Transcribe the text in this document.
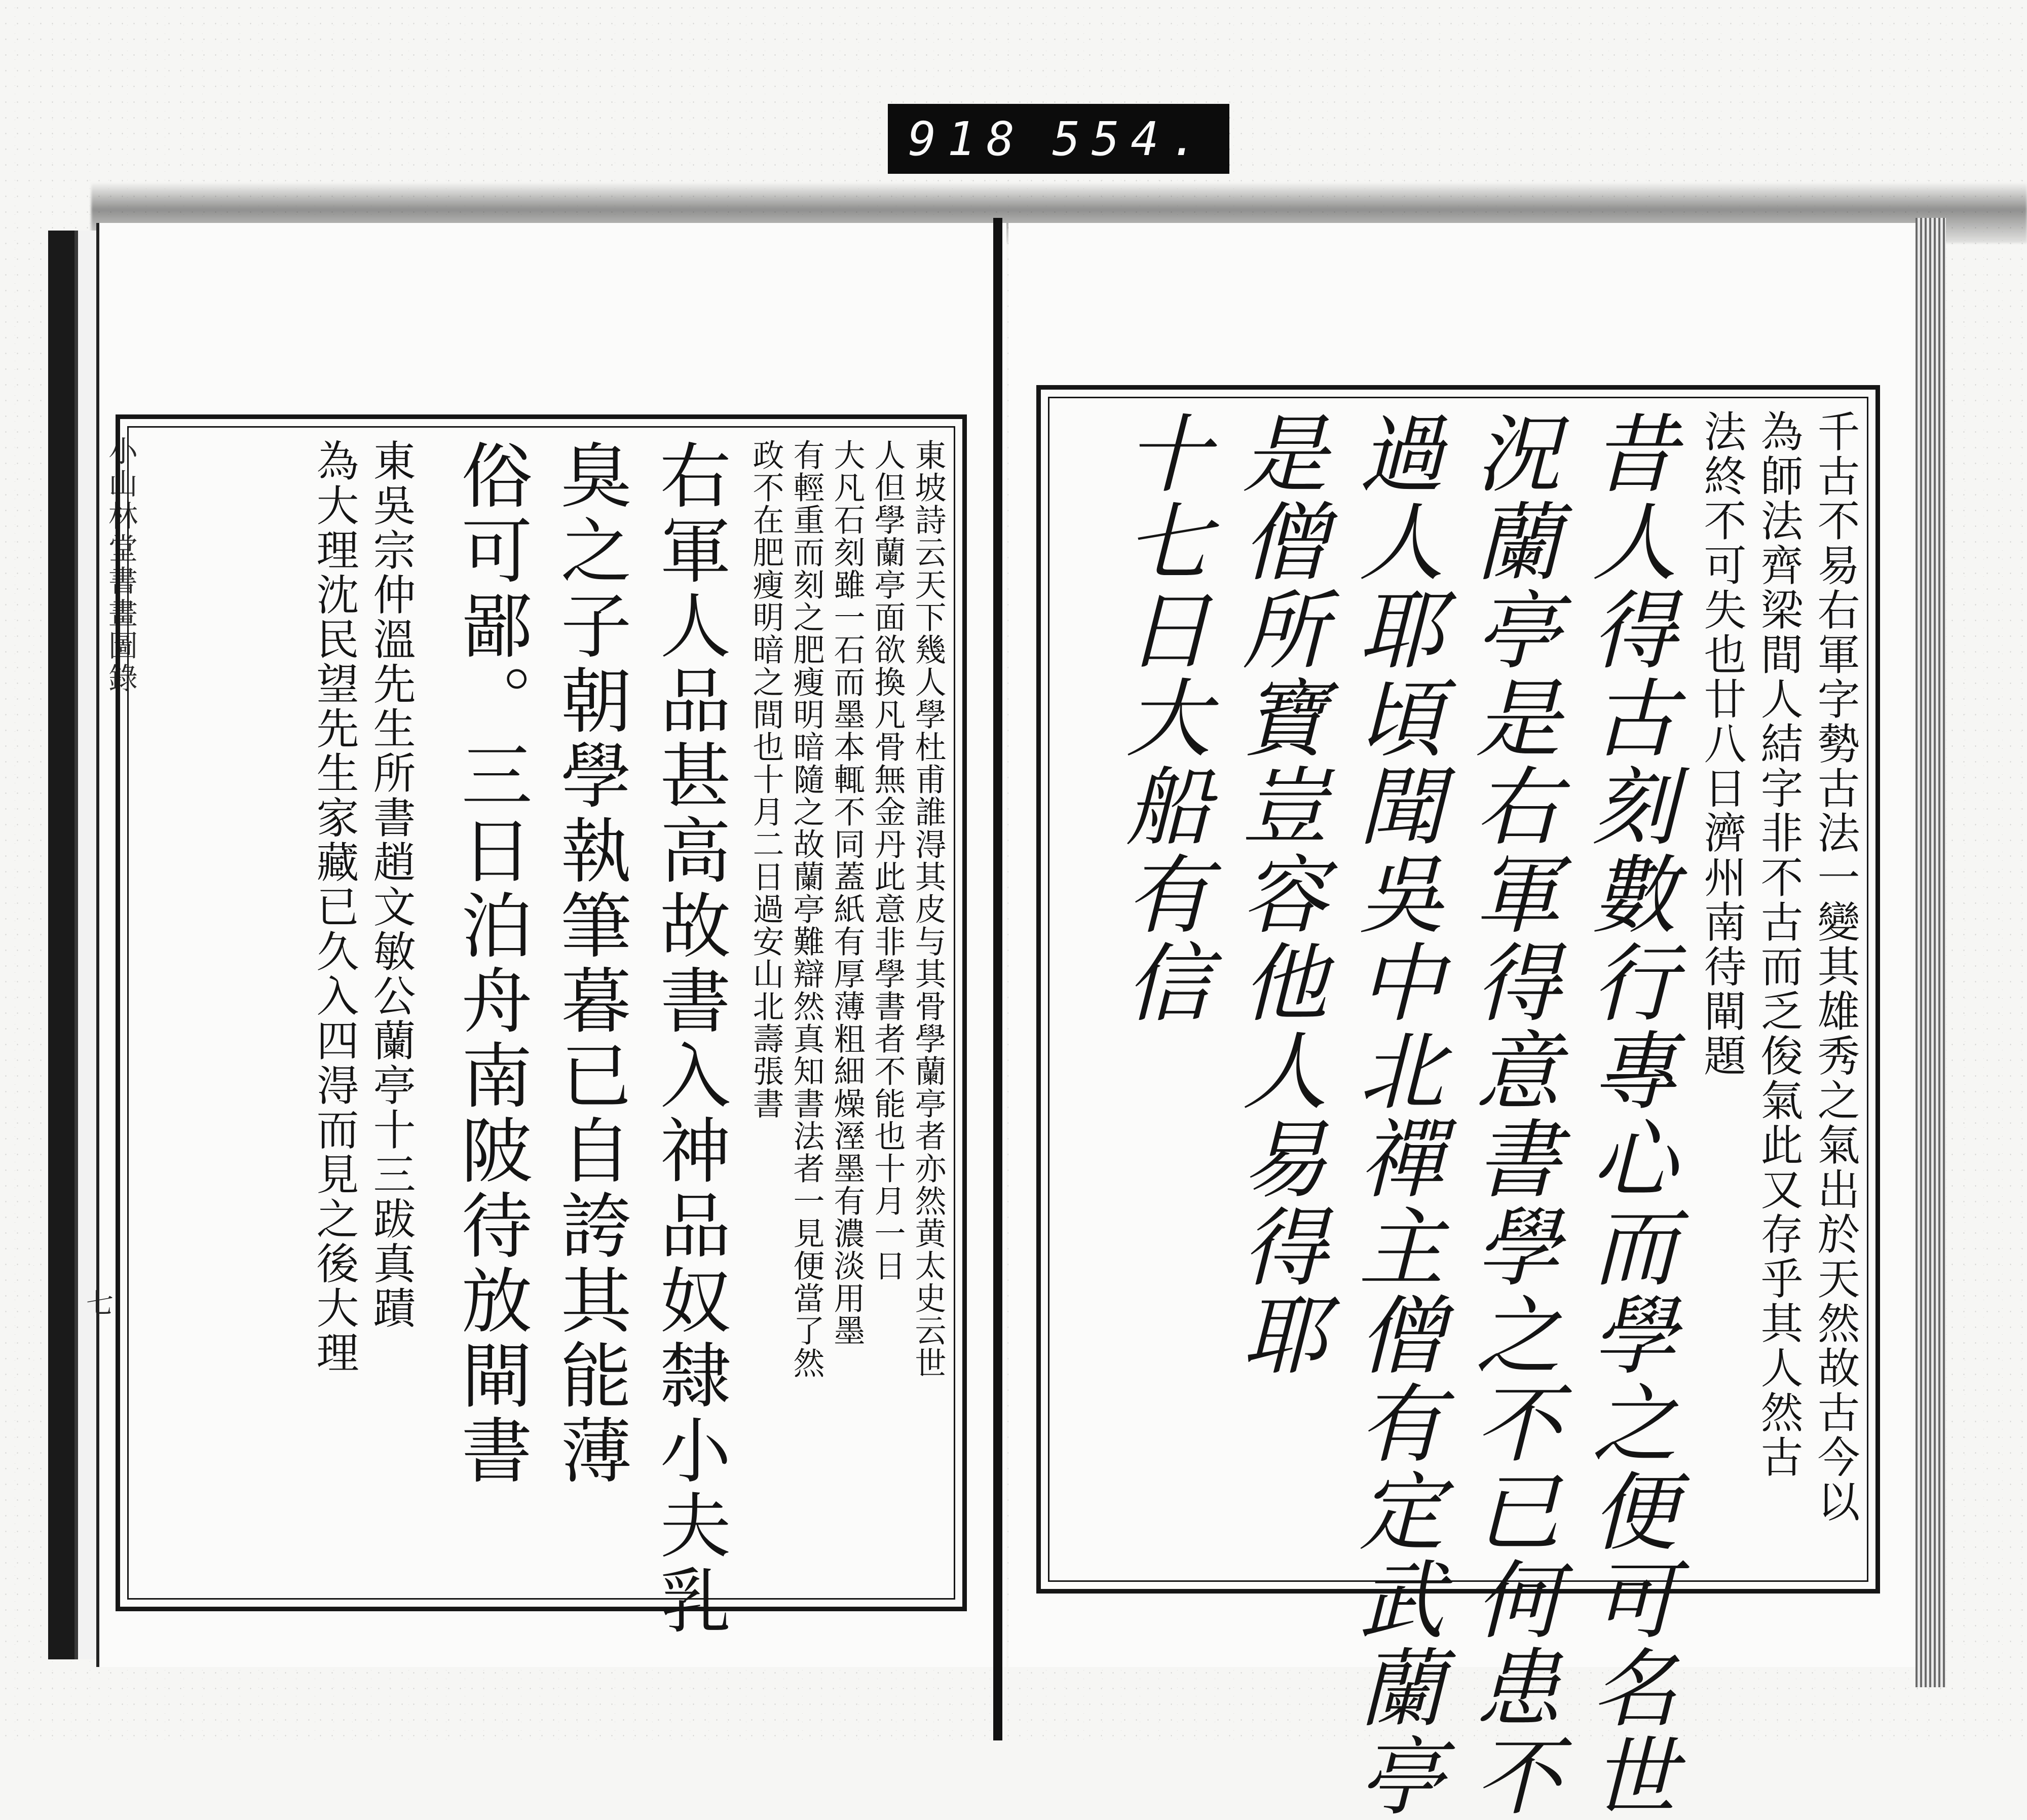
918 554.
小山林堂書畫圖錄
七	東坡詩云天下幾人學杜甫誰淂其皮与其骨學蘭亭者亦然黄太史云世
人但學蘭亭面欲換凡骨無金丹此意非學書者不能也十月一日
大凡石刻雖一石而墨本輒不同蓋紙有厚薄粗細燥溼墨有濃淡用墨
有輕重而刻之肥瘦明暗隨之故蘭亭難辯然真知書法者一見便當了然
政不在肥瘦明暗之間也十月二日過安山北壽張書
右軍人品甚高故書入神品奴隸小夫乳
臭之子朝學執筆暮已自誇其能薄
俗可鄙。三日泊舟南陂待放閘書
東吳宗仲溫先生所書趙文敏公蘭亭十三跋真蹟
為大理沈民望先生家藏已久入四淂而見之後大理	千古不易右軍字勢古法一變其雄秀之氣出於天然故古今以
為師法齊梁間人結字非不古而乏俊氣此又存乎其人然古
法終不可失也廿八日濟州南待閘題
昔人得古刻數行專心而學之便可名世
況蘭亭是右軍得意書學之不已何患不
過人耶頃聞吳中北禪主僧有定武蘭亭
是僧所寶豈容他人易得耶
十七日大船有信
